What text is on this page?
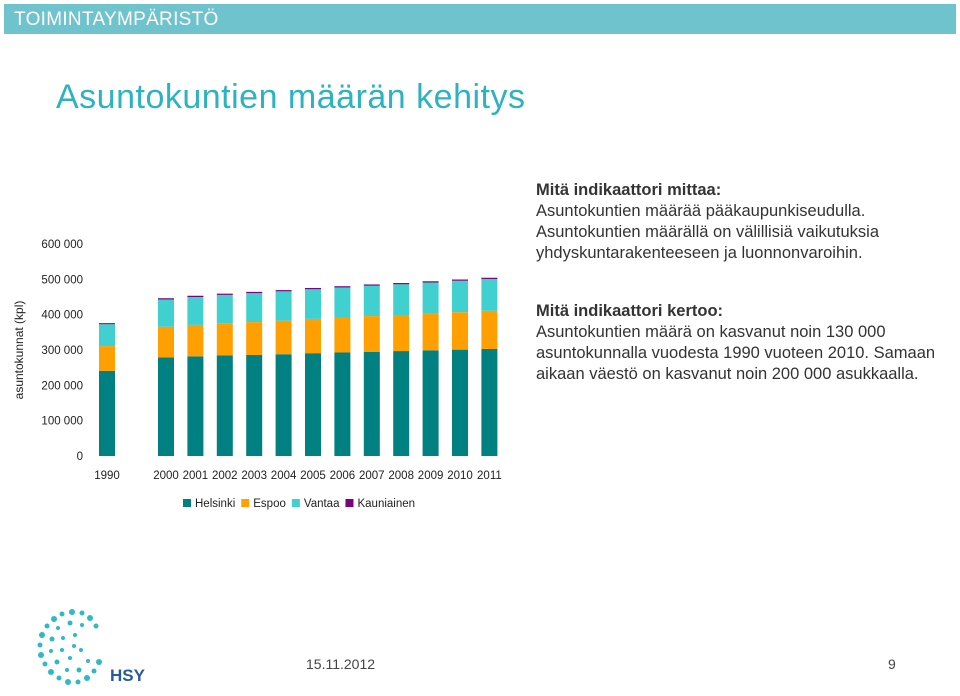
TOIMINTAYMPÄRISTÖ
Asuntokuntien määrän kehitys
Mitä indikaattori mittaa:
Asuntokuntien määrää pääkaupunkiseudulla. Asuntokuntien määrällä on välillisiä vaikutuksia yhdyskuntarakenteeseen ja luonnonvaroihin.
Mitä indikaattori kertoo:
Asuntokuntien määrä on kasvanut noin 130 000 asuntokunnalla vuodesta 1990 vuoteen 2010. Samaan aikaan väestö on kasvanut noin 200 000 asukkaalla.
0
100 000
200 000
300 000
400 000
500 000
600 000
asuntokunnat (kpl)
1990	2000 2001 2002 2003 2004 2005 2006 2007 2008 2009 2010 2011
Helsinki Espoo Vantaa Kauniainen
HSY
15.11.2012	9
